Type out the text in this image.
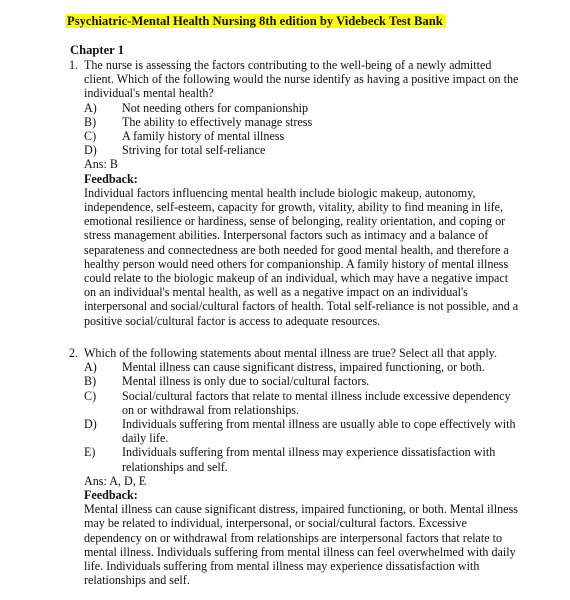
Psychiatric-Mental Health Nursing 8th edition by Videbeck Test Bank
Chapter 1
1. The nurse is assessing the factors contributing to the well-being of a newly admitted client. Which of the following would the nurse identify as having a positive impact on the individual's mental health?
A) Not needing others for companionship
B) The ability to effectively manage stress
C) A family history of mental illness
D) Striving for total self-reliance
Ans: B
Feedback:
Individual factors influencing mental health include biologic makeup, autonomy, independence, self-esteem, capacity for growth, vitality, ability to find meaning in life, emotional resilience or hardiness, sense of belonging, reality orientation, and coping or stress management abilities. Interpersonal factors such as intimacy and a balance of separateness and connectedness are both needed for good mental health, and therefore a healthy person would need others for companionship. A family history of mental illness could relate to the biologic makeup of an individual, which may have a negative impact on an individual's mental health, as well as a negative impact on an individual's interpersonal and social/cultural factors of health. Total self-reliance is not possible, and a positive social/cultural factor is access to adequate resources.
2. Which of the following statements about mental illness are true? Select all that apply.
A) Mental illness can cause significant distress, impaired functioning, or both.
B) Mental illness is only due to social/cultural factors.
C) Social/cultural factors that relate to mental illness include excessive dependency on or withdrawal from relationships.
D) Individuals suffering from mental illness are usually able to cope effectively with daily life.
E) Individuals suffering from mental illness may experience dissatisfaction with relationships and self.
Ans: A, D, E
Feedback:
Mental illness can cause significant distress, impaired functioning, or both. Mental illness may be related to individual, interpersonal, or social/cultural factors. Excessive dependency on or withdrawal from relationships are interpersonal factors that relate to mental illness. Individuals suffering from mental illness can feel overwhelmed with daily life. Individuals suffering from mental illness may experience dissatisfaction with relationships and self.
